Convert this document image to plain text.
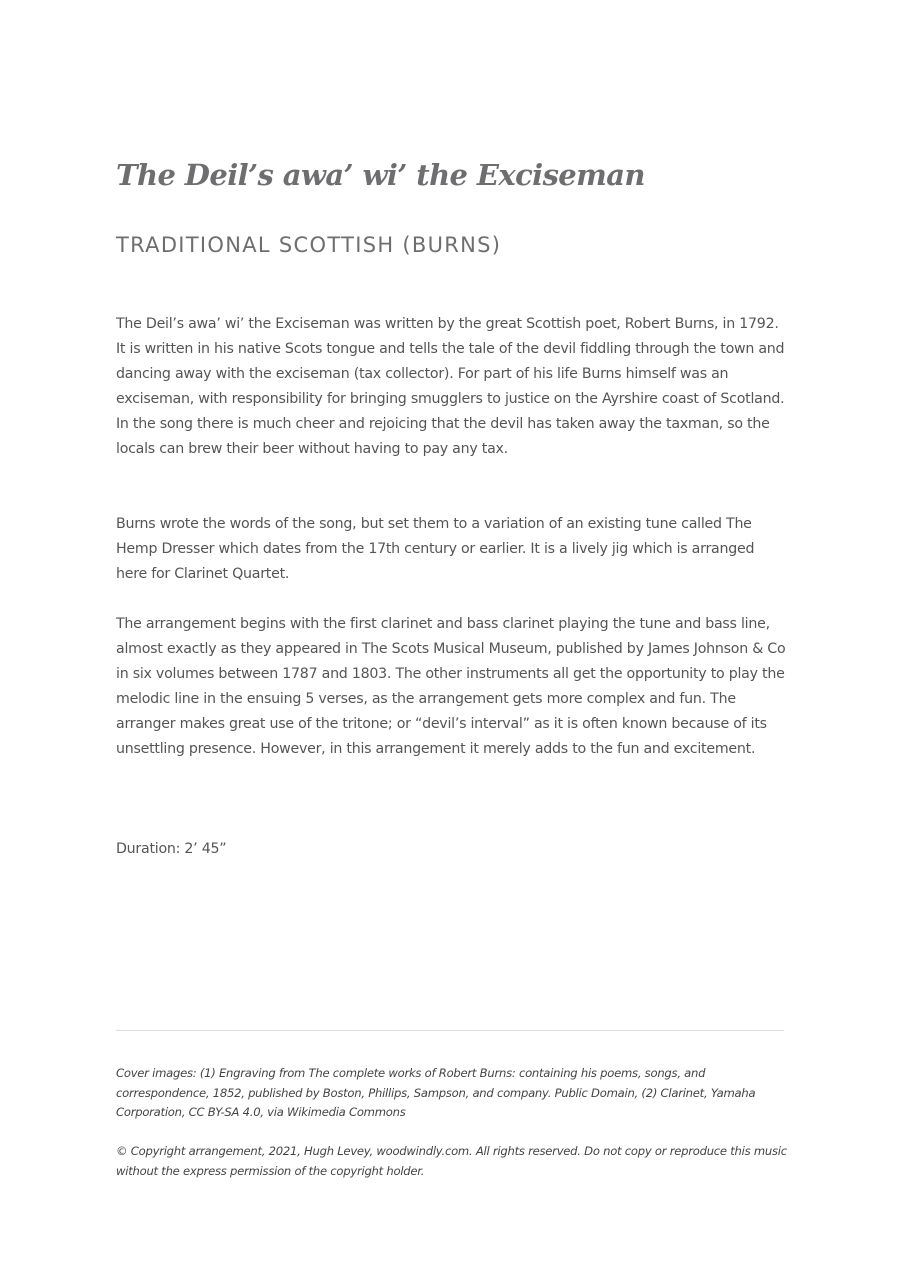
The Deil’s awa’ wi’ the Exciseman
TRADITIONAL SCOTTISH (BURNS)

The Deil’s awa’ wi’ the Exciseman was written by the great Scottish poet, Robert Burns, in 1792. It is written in his native Scots tongue and tells the tale of the devil fiddling through the town and dancing away with the exciseman (tax collector). For part of his life Burns himself was an exciseman, with responsibility for bringing smugglers to justice on the Ayrshire coast of Scotland. In the song there is much cheer and rejoicing that the devil has taken away the taxman, so the locals can brew their beer without having to pay any tax.

Burns wrote the words of the song, but set them to a variation of an existing tune called The Hemp Dresser which dates from the 17th century or earlier. It is a lively jig which is arranged here for Clarinet Quartet.

The arrangement begins with the first clarinet and bass clarinet playing the tune and bass line, almost exactly as they appeared in The Scots Musical Museum, published by James Johnson & Co in six volumes between 1787 and 1803. The other instruments all get the opportunity to play the melodic line in the ensuing 5 verses, as the arrangement gets more complex and fun. The arranger makes great use of the tritone; or “devil’s interval” as it is often known because of its unsettling presence. However, in this arrangement it merely adds to the fun and excitement.

Duration: 2’ 45”

Cover images: (1) Engraving from The complete works of Robert Burns: containing his poems, songs, and correspondence, 1852, published by Boston, Phillips, Sampson, and company. Public Domain, (2) Clarinet, Yamaha Corporation, CC BY-SA 4.0, via Wikimedia Commons

© Copyright arrangement, 2021, Hugh Levey, woodwindly.com. All rights reserved. Do not copy or reproduce this music without the express permission of the copyright holder.
